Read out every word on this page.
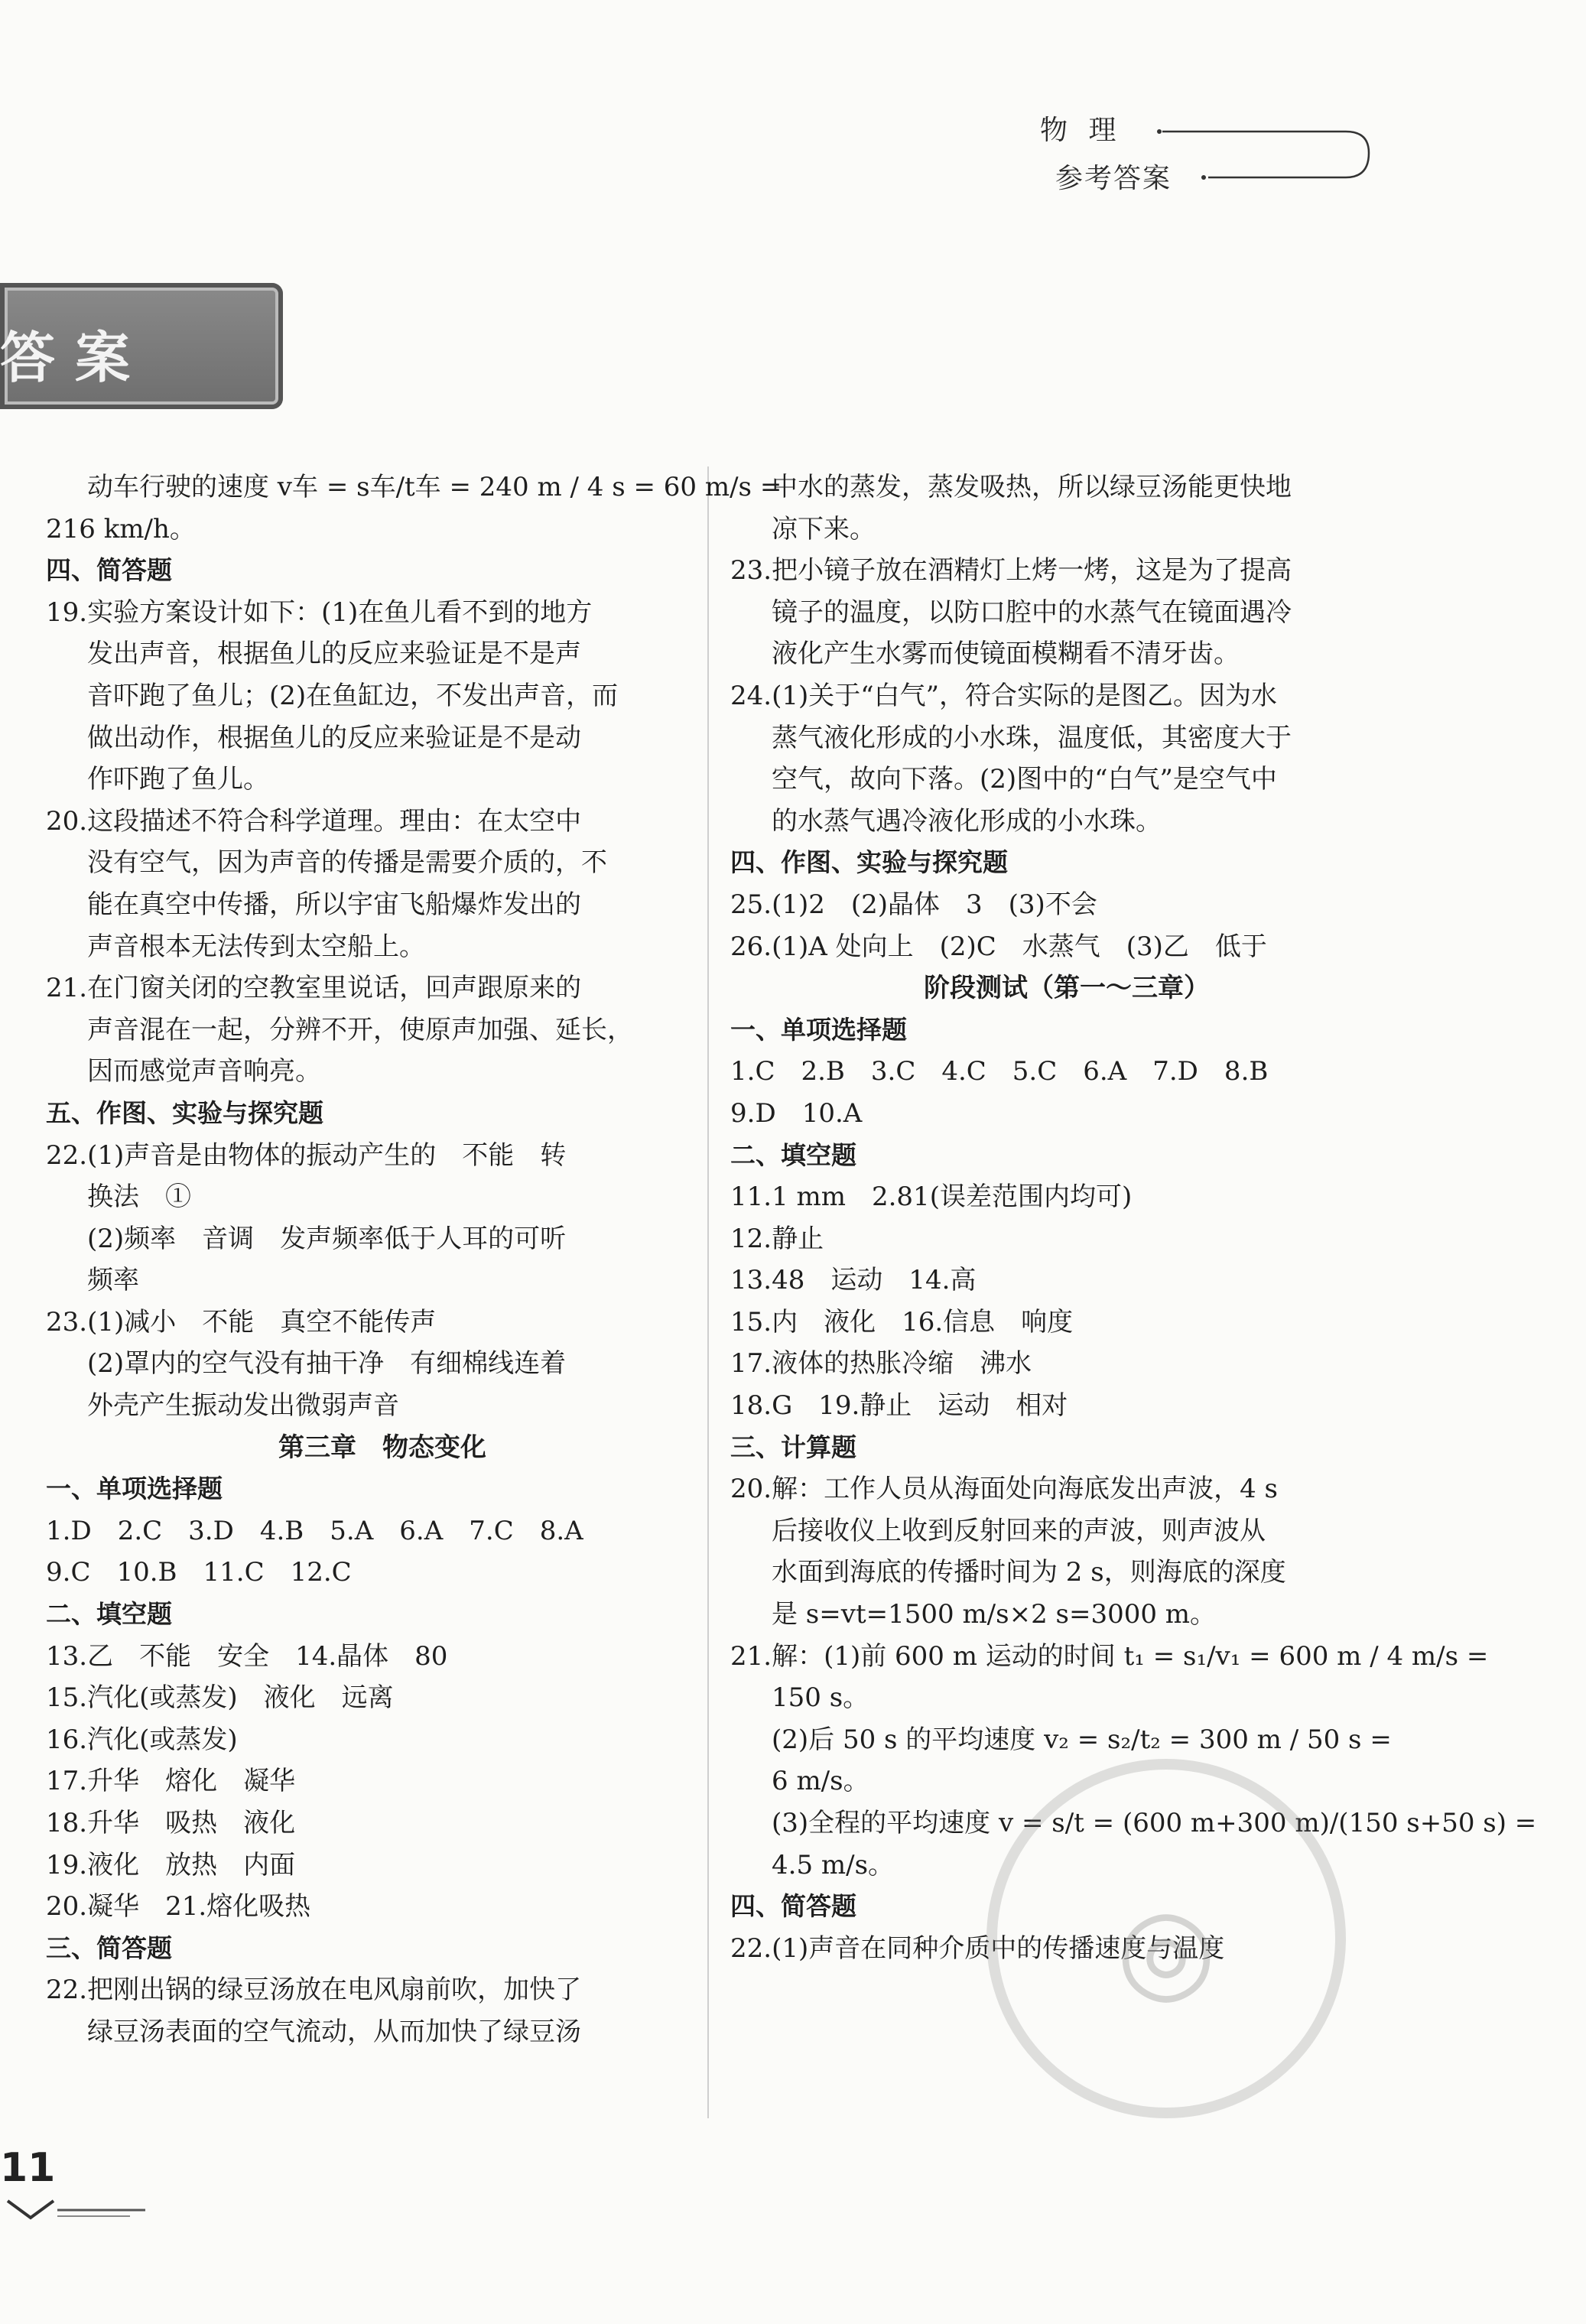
物 理
参考答案
答案
动车行驶的速度 v车 = s车/t车 = 240 m / 4 s = 60 m/s =
216 km/h。
四、简答题
19.实验方案设计如下：(1)在鱼儿看不到的地方
发出声音，根据鱼儿的反应来验证是不是声
音吓跑了鱼儿；(2)在鱼缸边，不发出声音，而
做出动作，根据鱼儿的反应来验证是不是动
作吓跑了鱼儿。
20.这段描述不符合科学道理。理由：在太空中
没有空气，因为声音的传播是需要介质的，不
能在真空中传播，所以宇宙飞船爆炸发出的
声音根本无法传到太空船上。
21.在门窗关闭的空教室里说话，回声跟原来的
声音混在一起，分辨不开，使原声加强、延长，
因而感觉声音响亮。
五、作图、实验与探究题
22.(1)声音是由物体的振动产生的　不能　转
换法　①
(2)频率　音调　发声频率低于人耳的可听
频率
23.(1)减小　不能　真空不能传声
(2)罩内的空气没有抽干净　有细棉线连着
外壳产生振动发出微弱声音
第三章　物态变化
一、单项选择题
1.D　2.C　3.D　4.B　5.A　6.A　7.C　8.A
9.C　10.B　11.C　12.C
二、填空题
13.乙　不能　安全　14.晶体　80
15.汽化(或蒸发)　液化　远离
16.汽化(或蒸发)
17.升华　熔化　凝华
18.升华　吸热　液化
19.液化　放热　内面
20.凝华　21.熔化吸热
三、简答题
22.把刚出锅的绿豆汤放在电风扇前吹，加快了
绿豆汤表面的空气流动，从而加快了绿豆汤
中水的蒸发，蒸发吸热，所以绿豆汤能更快地
凉下来。
23.把小镜子放在酒精灯上烤一烤，这是为了提高
镜子的温度，以防口腔中的水蒸气在镜面遇冷
液化产生水雾而使镜面模糊看不清牙齿。
24.(1)关于“白气”，符合实际的是图乙。因为水
蒸气液化形成的小水珠，温度低，其密度大于
空气，故向下落。(2)图中的“白气”是空气中
的水蒸气遇冷液化形成的小水珠。
四、作图、实验与探究题
25.(1)2　(2)晶体　3　(3)不会
26.(1)A 处向上　(2)C　水蒸气　(3)乙　低于
阶段测试（第一～三章）
一、单项选择题
1.C　2.B　3.C　4.C　5.C　6.A　7.D　8.B
9.D　10.A
二、填空题
11.1 mm　2.81(误差范围内均可)
12.静止
13.48　运动　14.高
15.内　液化　16.信息　响度
17.液体的热胀冷缩　沸水
18.G　19.静止　运动　相对
三、计算题
20.解：工作人员从海面处向海底发出声波，4 s
后接收仪上收到反射回来的声波，则声波从
水面到海底的传播时间为 2 s，则海底的深度
是 s=vt=1500 m/s×2 s=3000 m。
21.解：(1)前 600 m 运动的时间 t₁ = s₁/v₁ = 600 m / 4 m/s =
150 s。
(2)后 50 s 的平均速度 v₂ = s₂/t₂ = 300 m / 50 s =
6 m/s。
(3)全程的平均速度 v = s/t = (600 m+300 m)/(150 s+50 s) =
4.5 m/s。
四、简答题
22.(1)声音在同种介质中的传播速度与温度
◎
11
